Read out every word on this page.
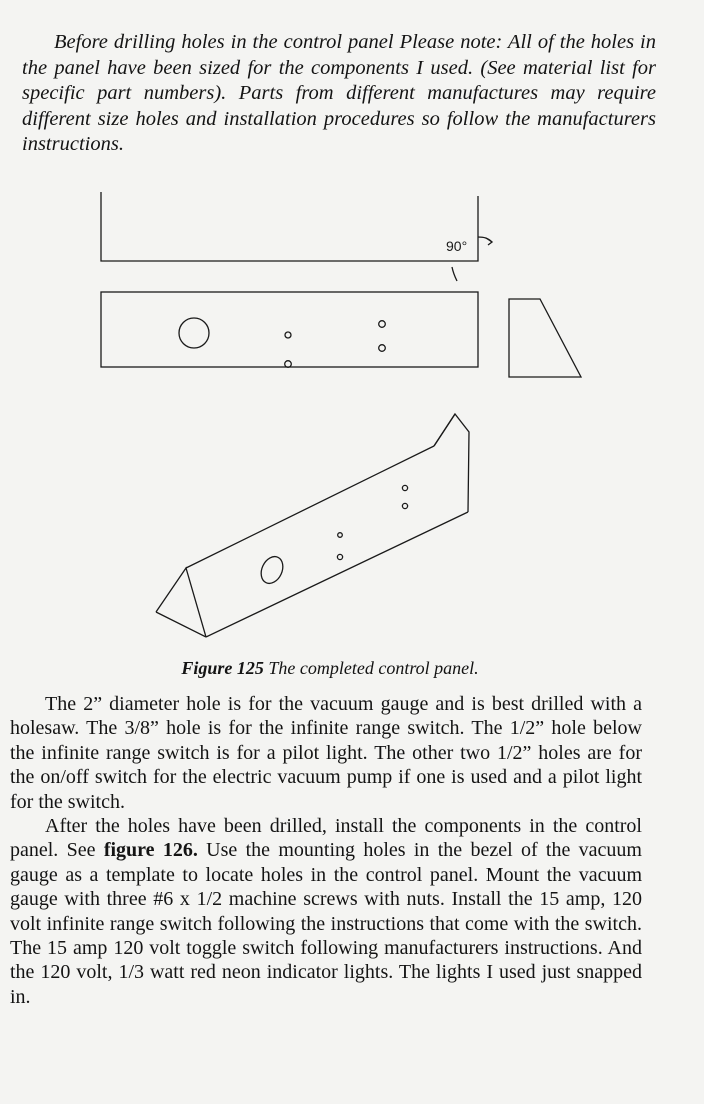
Before drilling holes in the control panel Please note: All of the holes in the panel have been sized for the components I used. (See material list for specific part numbers). Parts from different manufactures may require different size holes and installation procedures so follow the manufacturers instructions.

90°

Figure 125 The completed control panel.

The 2” diameter hole is for the vacuum gauge and is best drilled with a holesaw. The 3/8” hole is for the infinite range switch. The 1/2” hole below the infinite range switch is for a pilot light. The other two 1/2” holes are for the on/off switch for the electric vacuum pump if one is used and a pilot light for the switch.

After the holes have been drilled, install the components in the control panel. See figure 126. Use the mounting holes in the bezel of the vacuum gauge as a template to locate holes in the control panel. Mount the vacuum gauge with three #6 x 1/2 machine screws with nuts. Install the 15 amp, 120 volt infinite range switch following the instructions that come with the switch. The 15 amp 120 volt toggle switch following manufacturers instructions. And the 120 volt, 1/3 watt red neon indicator lights. The lights I used just snapped in.
